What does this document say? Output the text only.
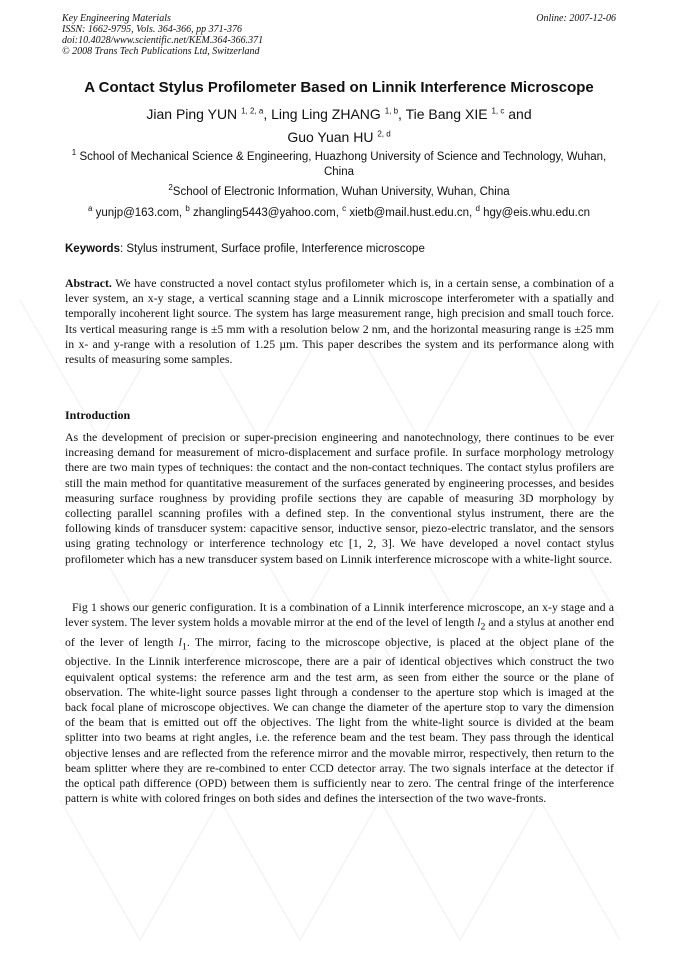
Key Engineering Materials
ISSN: 1662-9795, Vols. 364-366, pp 371-376
doi:10.4028/www.scientific.net/KEM.364-366.371
© 2008 Trans Tech Publications Ltd, Switzerland
Online: 2007-12-06
A Contact Stylus Profilometer Based on Linnik Interference Microscope
Jian Ping YUN $^{1, 2, a}$, Ling Ling ZHANG $^{1, b}$, Tie Bang XIE $^{1, c}$ and
Guo Yuan HU $^{2, d}$
$^1$ School of Mechanical Science & Engineering, Huazhong University of Science and Technology, Wuhan, China
$^2$School of Electronic Information, Wuhan University, Wuhan, China
$^a$ yunjp@163.com, $^b$ zhangling5443@yahoo.com, $^c$ xietb@mail.hust.edu.cn, $^d$ hgy@eis.whu.edu.cn
Keywords: Stylus instrument, Surface profile, Interference microscope
Abstract. We have constructed a novel contact stylus profilometer which is, in a certain sense, a combination of a lever system, an x-y stage, a vertical scanning stage and a Linnik microscope interferometer with a spatially and temporally incoherent light source. The system has large measurement range, high precision and small touch force. Its vertical measuring range is ±5 mm with a resolution below 2 nm, and the horizontal measuring range is ±25 mm in x- and y-range with a resolution of 1.25 µm. This paper describes the system and its performance along with results of measuring some samples.
Introduction
As the development of precision or super-precision engineering and nanotechnology, there continues to be ever increasing demand for measurement of micro-displacement and surface profile. In surface morphology metrology there are two main types of techniques: the contact and the non-contact techniques. The contact stylus profilers are still the main method for quantitative measurement of the surfaces generated by engineering processes, and besides measuring surface roughness by providing profile sections they are capable of measuring 3D morphology by collecting parallel scanning profiles with a defined step. In the conventional stylus instrument, there are the following kinds of transducer system: capacitive sensor, inductive sensor, piezo-electric translator, and the sensors using grating technology or interference technology etc [1, 2, 3]. We have developed a novel contact stylus profilometer which has a new transducer system based on Linnik interference microscope with a white-light source.
Fig 1 shows our generic configuration. It is a combination of a Linnik interference microscope, an x-y stage and a lever system. The lever system holds a movable mirror at the end of the level of length $l_2$ and a stylus at another end of the lever of length $l_1$. The mirror, facing to the microscope objective, is placed at the object plane of the objective. In the Linnik interference microscope, there are a pair of identical objectives which construct the two equivalent optical systems: the reference arm and the test arm, as seen from either the source or the plane of observation. The white-light source passes light through a condenser to the aperture stop which is imaged at the back focal plane of microscope objectives. We can change the diameter of the aperture stop to vary the dimension of the beam that is emitted out off the objectives. The light from the white-light source is divided at the beam splitter into two beams at right angles, i.e. the reference beam and the test beam. They pass through the identical objective lenses and are reflected from the reference mirror and the movable mirror, respectively, then return to the beam splitter where they are re-combined to enter CCD detector array. The two signals interface at the detector if the optical path difference (OPD) between them is sufficiently near to zero. The central fringe of the interference pattern is white with colored fringes on both sides and defines the intersection of the two wave-fronts.
